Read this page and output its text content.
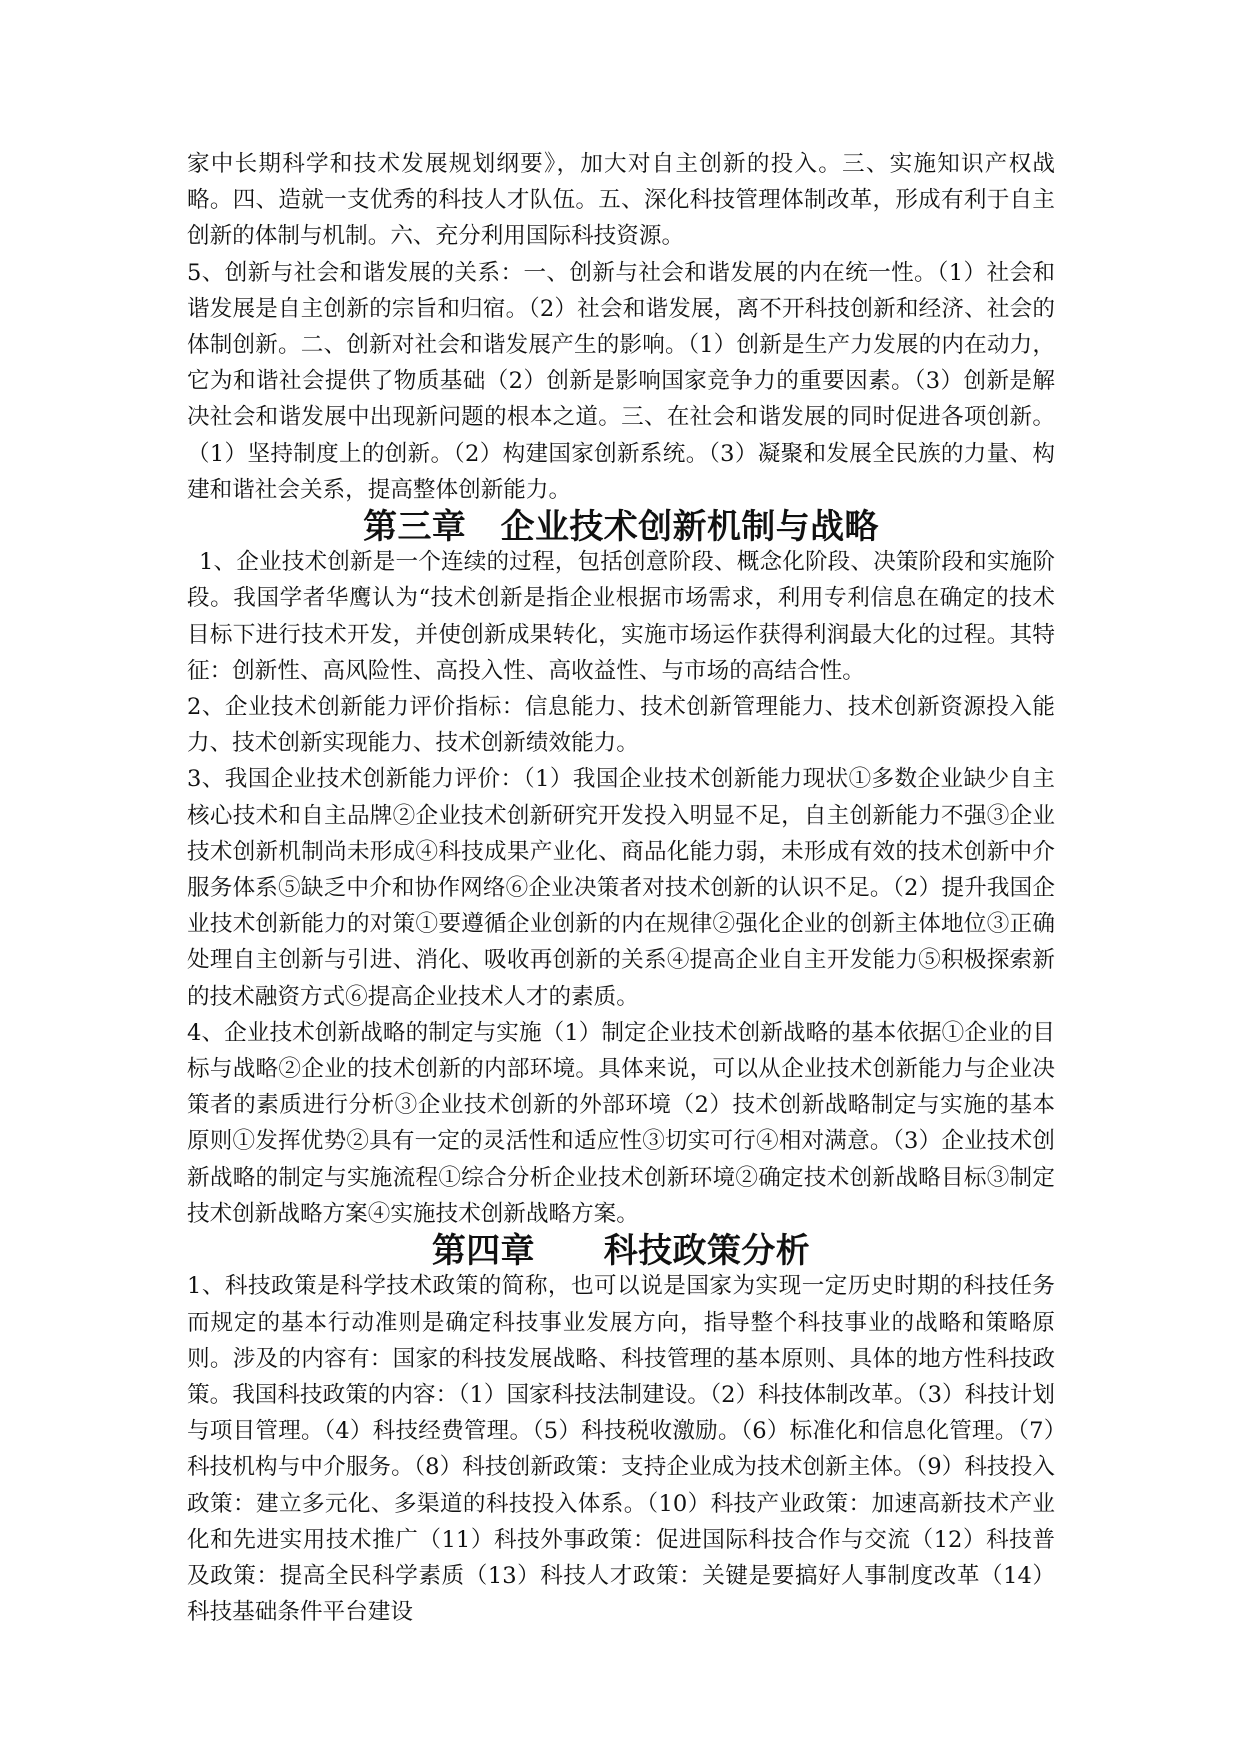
家中长期科学和技术发展规划纲要》，加大对自主创新的投入。三、实施知识产权战略。四、造就一支优秀的科技人才队伍。五、深化科技管理体制改革，形成有利于自主创新的体制与机制。六、充分利用国际科技资源。

5、创新与社会和谐发展的关系：一、创新与社会和谐发展的内在统一性。（1）社会和谐发展是自主创新的宗旨和归宿。（2）社会和谐发展，离不开科技创新和经济、社会的体制创新。二、创新对社会和谐发展产生的影响。（1）创新是生产力发展的内在动力，它为和谐社会提供了物质基础（2）创新是影响国家竞争力的重要因素。（3）创新是解决社会和谐发展中出现新问题的根本之道。三、在社会和谐发展的同时促进各项创新。（1）坚持制度上的创新。（2）构建国家创新系统。（3）凝聚和发展全民族的力量、构建和谐社会关系，提高整体创新能力。

第三章　企业技术创新机制与战略

1、企业技术创新是一个连续的过程，包括创意阶段、概念化阶段、决策阶段和实施阶段。我国学者华鹰认为“技术创新是指企业根据市场需求，利用专利信息在确定的技术目标下进行技术开发，并使创新成果转化，实施市场运作获得利润最大化的过程。其特征：创新性、高风险性、高投入性、高收益性、与市场的高结合性。

2、企业技术创新能力评价指标：信息能力、技术创新管理能力、技术创新资源投入能力、技术创新实现能力、技术创新绩效能力。

3、我国企业技术创新能力评价：（1）我国企业技术创新能力现状①多数企业缺少自主核心技术和自主品牌②企业技术创新研究开发投入明显不足，自主创新能力不强③企业技术创新机制尚未形成④科技成果产业化、商品化能力弱，未形成有效的技术创新中介服务体系⑤缺乏中介和协作网络⑥企业决策者对技术创新的认识不足。（2）提升我国企业技术创新能力的对策①要遵循企业创新的内在规律②强化企业的创新主体地位③正确处理自主创新与引进、消化、吸收再创新的关系④提高企业自主开发能力⑤积极探索新的技术融资方式⑥提高企业技术人才的素质。

4、企业技术创新战略的制定与实施（1）制定企业技术创新战略的基本依据①企业的目标与战略②企业的技术创新的内部环境。具体来说，可以从企业技术创新能力与企业决策者的素质进行分析③企业技术创新的外部环境（2）技术创新战略制定与实施的基本原则①发挥优势②具有一定的灵活性和适应性③切实可行④相对满意。（3）企业技术创新战略的制定与实施流程①综合分析企业技术创新环境②确定技术创新战略目标③制定技术创新战略方案④实施技术创新战略方案。

第四章　　科技政策分析

1、科技政策是科学技术政策的简称，也可以说是国家为实现一定历史时期的科技任务而规定的基本行动准则是确定科技事业发展方向，指导整个科技事业的战略和策略原则。涉及的内容有：国家的科技发展战略、科技管理的基本原则、具体的地方性科技政策。我国科技政策的内容：（1）国家科技法制建设。（2）科技体制改革。（3）科技计划与项目管理。（4）科技经费管理。（5）科技税收激励。（6）标准化和信息化管理。（7）科技机构与中介服务。（8）科技创新政策：支持企业成为技术创新主体。（9）科技投入政策：建立多元化、多渠道的科技投入体系。（10）科技产业政策：加速高新技术产业化和先进实用技术推广（11）科技外事政策：促进国际科技合作与交流（12）科技普及政策：提高全民科学素质（13）科技人才政策：关键是要搞好人事制度改革（14）科技基础条件平台建设
